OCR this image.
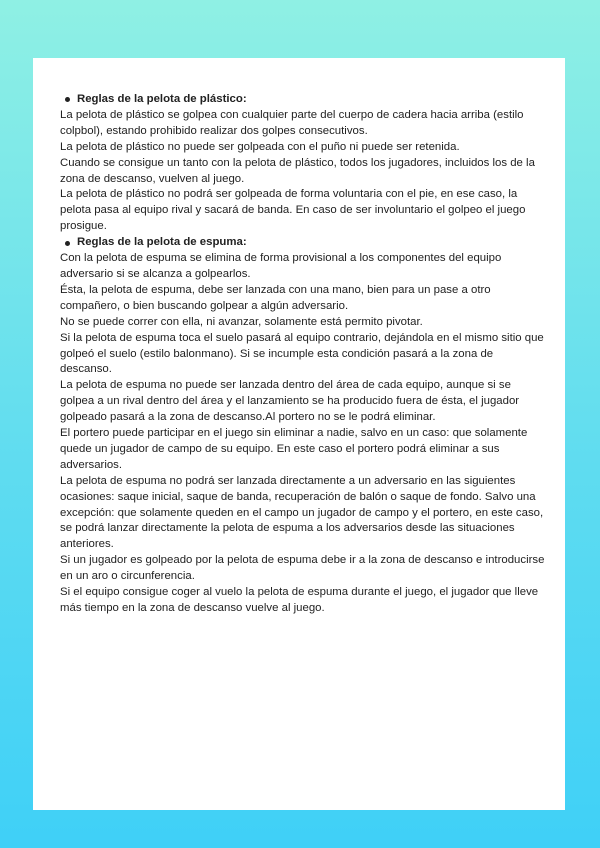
Reglas de la pelota de plástico:

La pelota de plástico se golpea con cualquier parte del cuerpo de cadera hacia arriba (estilo colpbol), estando prohibido realizar dos golpes consecutivos.

La pelota de plástico no puede ser golpeada con el puño ni puede ser retenida.

Cuando se consigue un tanto con la pelota de plástico, todos los jugadores, incluidos los de la zona de descanso, vuelven al juego.

La pelota de plástico no podrá ser golpeada de forma voluntaria con el pie, en ese caso, la pelota pasa al equipo rival y sacará de banda. En caso de ser involuntario el golpeo el juego prosigue.

Reglas de la pelota de espuma:

Con la pelota de espuma se elimina de forma provisional a los componentes del equipo adversario si se alcanza a golpearlos.

Ésta, la pelota de espuma, debe ser lanzada con una mano, bien para un pase a otro compañero, o bien buscando golpear a algún adversario.

No se puede correr con ella, ni avanzar, solamente está permito pivotar.

Si la pelota de espuma toca el suelo pasará al equipo contrario, dejándola en el mismo sitio que golpeó el suelo (estilo balonmano). Si se incumple esta condición pasará a la zona de descanso.

La pelota de espuma no puede ser lanzada dentro del área de cada equipo, aunque si se golpea a un rival dentro del área y el lanzamiento se ha producido fuera de ésta, el jugador golpeado pasará a la zona de descanso.Al portero no se le podrá eliminar.

El portero puede participar en el juego sin eliminar a nadie, salvo en un caso: que solamente quede un jugador de campo de su equipo. En este caso el portero podrá eliminar a sus adversarios.

La pelota de espuma no podrá ser lanzada directamente a un adversario en las siguientes ocasiones: saque inicial, saque de banda, recuperación de balón o saque de fondo. Salvo una excepción: que solamente queden en el campo un jugador de campo y el portero, en este caso, se podrá lanzar directamente la pelota de espuma a los adversarios desde las situaciones anteriores.

Si un jugador es golpeado por la pelota de espuma debe ir a la zona de descanso e introducirse en un aro o circunferencia.

Si el equipo consigue coger al vuelo la pelota de espuma durante el juego, el jugador que lleve más tiempo en la zona de descanso vuelve al juego.
